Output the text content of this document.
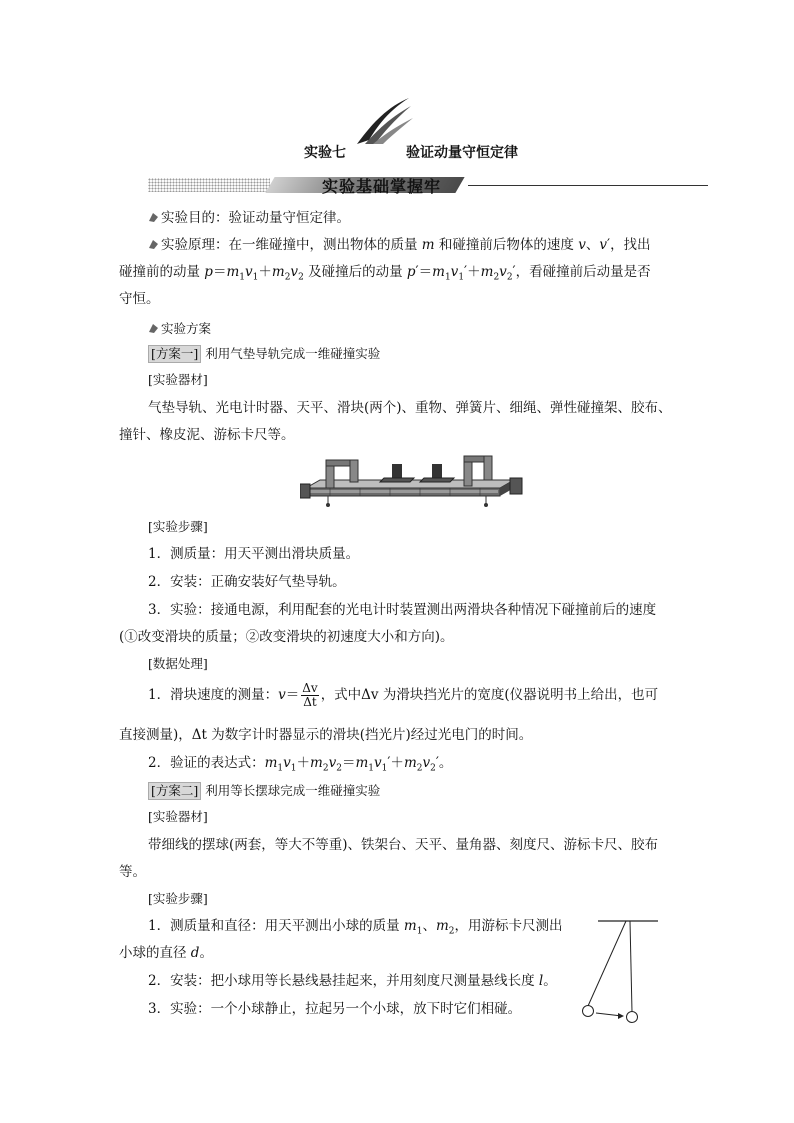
实验七	验证动量守恒定律
实验基础掌握牢
实验目的：验证动量守恒定律。
实验原理：在一维碰撞中，测出物体的质量 m 和碰撞前后物体的速度 v、v′，找出
碰撞前的动量 $p=m_1v_1+m_2v_2$ 及碰撞后的动量 $p'=m_1v_1'+m_2v_2'$，看碰撞前后动量是否
守恒。
实验方案
[方案一] 利用气垫导轨完成一维碰撞实验
[实验器材]
气垫导轨、光电计时器、天平、滑块(两个)、重物、弹簧片、细绳、弹性碰撞架、胶布、
撞针、橡皮泥、游标卡尺等。
[实验步骤]
1．测质量：用天平测出滑块质量。
2．安装：正确安装好气垫导轨。
3．实验：接通电源，利用配套的光电计时装置测出两滑块各种情况下碰撞前后的速度
(①改变滑块的质量；②改变滑块的初速度大小和方向)。
[数据处理]
1．滑块速度的测量：$v= \frac{\Delta v}{\Delta t}$ ，式中Δv 为滑块挡光片的宽度(仪器说明书上给出，也可
直接测量)，Δt 为数字计时器显示的滑块(挡光片)经过光电门的时间。
2．验证的表达式：$m_1v_1+m_2v_2=m_1v_1'+m_2v_2'$。
[方案二] 利用等长摆球完成一维碰撞实验
[实验器材]
带细线的摆球(两套，等大不等重)、铁架台、天平、量角器、刻度尺、游标卡尺、胶布
等。
[实验步骤]
1．测质量和直径：用天平测出小球的质量 $m_1$、$m_2$，用游标卡尺测出
小球的直径 d。
2．安装：把小球用等长悬线悬挂起来，并用刻度尺测量悬线长度 l。
3．实验：一个小球静止，拉起另一个小球，放下时它们相碰。
